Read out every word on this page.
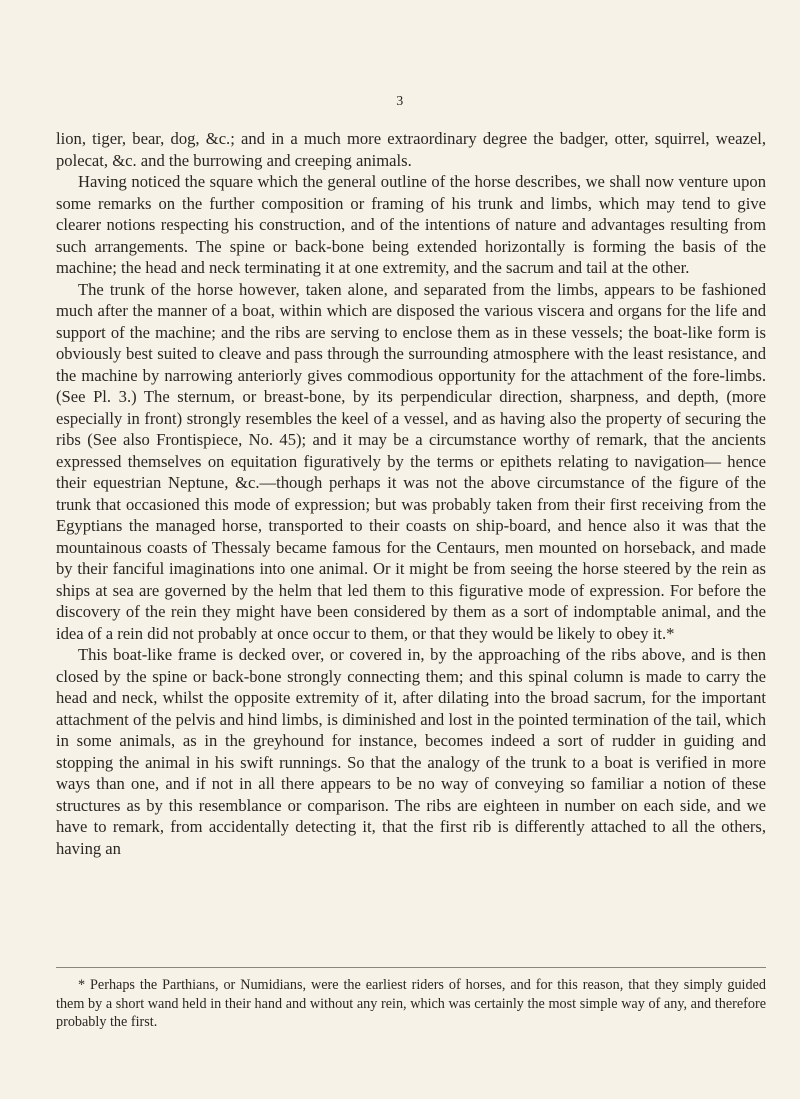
3

lion, tiger, bear, dog, &c.; and in a much more extraordinary degree the badger, otter, squirrel, weazel, polecat, &c. and the burrowing and creeping animals.

Having noticed the square which the general outline of the horse describes, we shall now venture upon some remarks on the further composition or framing of his trunk and limbs, which may tend to give clearer notions respecting his construction, and of the intentions of nature and advantages resulting from such arrangements. The spine or back-bone being extended horizontally is forming the basis of the machine; the head and neck terminating it at one extremity, and the sacrum and tail at the other.

The trunk of the horse however, taken alone, and separated from the limbs, appears to be fashioned much after the manner of a boat, within which are disposed the various viscera and organs for the life and support of the machine; and the ribs are serving to enclose them as in these vessels; the boat-like form is obviously best suited to cleave and pass through the surrounding atmosphere with the least resistance, and the machine by narrowing anteriorly gives commodious opportunity for the attachment of the fore-limbs. (See Pl. 3.) The sternum, or breast-bone, by its perpendicular direction, sharpness, and depth, (more especially in front) strongly resembles the keel of a vessel, and as having also the property of securing the ribs (See also Frontispiece, No. 45); and it may be a circumstance worthy of remark, that the ancients expressed themselves on equitation figuratively by the terms or epithets relating to navigation— hence their equestrian Neptune, &c.—though perhaps it was not the above circumstance of the figure of the trunk that occasioned this mode of expression; but was probably taken from their first receiving from the Egyptians the managed horse, transported to their coasts on ship-board, and hence also it was that the mountainous coasts of Thessaly became famous for the Centaurs, men mounted on horseback, and made by their fanciful imaginations into one animal. Or it might be from seeing the horse steered by the rein as ships at sea are governed by the helm that led them to this figurative mode of expression. For before the discovery of the rein they might have been considered by them as a sort of indomptable animal, and the idea of a rein did not probably at once occur to them, or that they would be likely to obey it.*

This boat-like frame is decked over, or covered in, by the approaching of the ribs above, and is then closed by the spine or back-bone strongly connecting them; and this spinal column is made to carry the head and neck, whilst the opposite extremity of it, after dilating into the broad sacrum, for the important attachment of the pelvis and hind limbs, is diminished and lost in the pointed termination of the tail, which in some animals, as in the greyhound for instance, becomes indeed a sort of rudder in guiding and stopping the animal in his swift runnings. So that the analogy of the trunk to a boat is verified in more ways than one, and if not in all there appears to be no way of conveying so familiar a notion of these structures as by this resemblance or comparison. The ribs are eighteen in number on each side, and we have to remark, from accidentally detecting it, that the first rib is differently attached to all the others, having an

* Perhaps the Parthians, or Numidians, were the earliest riders of horses, and for this reason, that they simply guided them by a short wand held in their hand and without any rein, which was certainly the most simple way of any, and therefore probably the first.
